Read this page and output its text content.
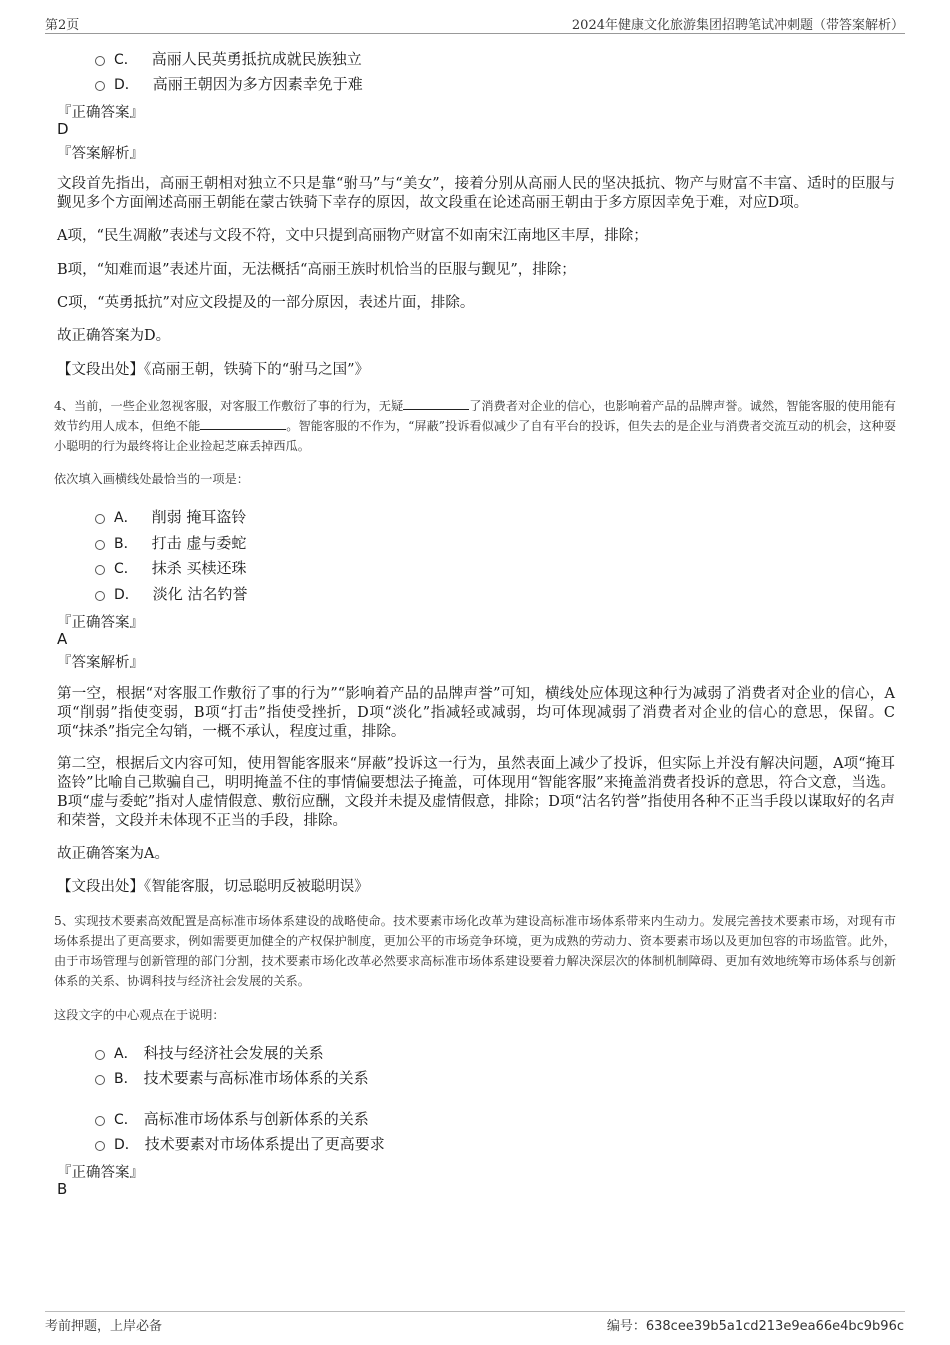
第2页	2024年健康文化旅游集团招聘笔试冲刺题（带答案解析）
C． 高丽人民英勇抵抗成就民族独立
D． 高丽王朝因为多方因素幸免于难
『正确答案』
D
『答案解析』
文段首先指出，高丽王朝相对独立不只是靠“驸马”与“美女”，接着分别从高丽人民的坚决抵抗、物产与财富不丰富、适时的臣服与觐见多个方面阐述高丽王朝能在蒙古铁骑下幸存的原因，故文段重在论述高丽王朝由于多方原因幸免于难，对应D项。
A项，“民生凋敝”表述与文段不符，文中只提到高丽物产财富不如南宋江南地区丰厚，排除；
B项，“知难而退”表述片面，无法概括“高丽王族时机恰当的臣服与觐见”，排除；
C项，“英勇抵抗”对应文段提及的一部分原因，表述片面，排除。
故正确答案为D。
【文段出处】《高丽王朝，铁骑下的“驸马之国”》
4、当前，一些企业忽视客服，对客服工作敷衍了事的行为，无疑	了消费者对企业的信心，也影响着产品的品牌声誉。诚然，智能客服的使用能有效节约用人成本，但绝不能	。智能客服的不作为，“屏蔽”投诉看似减少了自有平台的投诉，但失去的是企业与消费者交流互动的机会，这种耍小聪明的行为最终将让企业捡起芝麻丢掉西瓜。
依次填入画横线处最恰当的一项是：
A． 削弱 掩耳盗铃
B． 打击 虚与委蛇
C． 抹杀 买椟还珠
D． 淡化 沽名钓誉
『正确答案』
A
『答案解析』
第一空，根据“对客服工作敷衍了事的行为”“影响着产品的品牌声誉”可知，横线处应体现这种行为减弱了消费者对企业的信心，A项“削弱”指使变弱，B项“打击”指使受挫折，D项“淡化”指减轻或减弱，均可体现减弱了消费者对企业的信心的意思，保留。C项“抹杀”指完全勾销，一概不承认，程度过重，排除。
第二空，根据后文内容可知，使用智能客服来“屏蔽”投诉这一行为，虽然表面上减少了投诉，但实际上并没有解决问题，A项“掩耳盗铃”比喻自己欺骗自己，明明掩盖不住的事情偏要想法子掩盖，可体现用“智能客服”来掩盖消费者投诉的意思，符合文意，当选。B项“虚与委蛇”指对人虚情假意、敷衍应酬，文段并未提及虚情假意，排除；D项“沽名钓誉”指使用各种不正当手段以谋取好的名声和荣誉，文段并未体现不正当的手段，排除。
故正确答案为A。
【文段出处】《智能客服，切忌聪明反被聪明误》
5、实现技术要素高效配置是高标准市场体系建设的战略使命。技术要素市场化改革为建设高标准市场体系带来内生动力。发展完善技术要素市场，对现有市场体系提出了更高要求，例如需要更加健全的产权保护制度，更加公平的市场竞争环境，更为成熟的劳动力、资本要素市场以及更加包容的市场监管。此外，由于市场管理与创新管理的部门分割，技术要素市场化改革必然要求高标准市场体系建设要着力解决深层次的体制机制障碍、更加有效地统筹市场体系与创新体系的关系、协调科技与经济社会发展的关系。
这段文字的中心观点在于说明：
A． 科技与经济社会发展的关系
B． 技术要素与高标准市场体系的关系
C． 高标准市场体系与创新体系的关系
D． 技术要素对市场体系提出了更高要求
『正确答案』
B
考前押题，上岸必备	编号：638cee39b5a1cd213e9ea66e4bc9b96c
